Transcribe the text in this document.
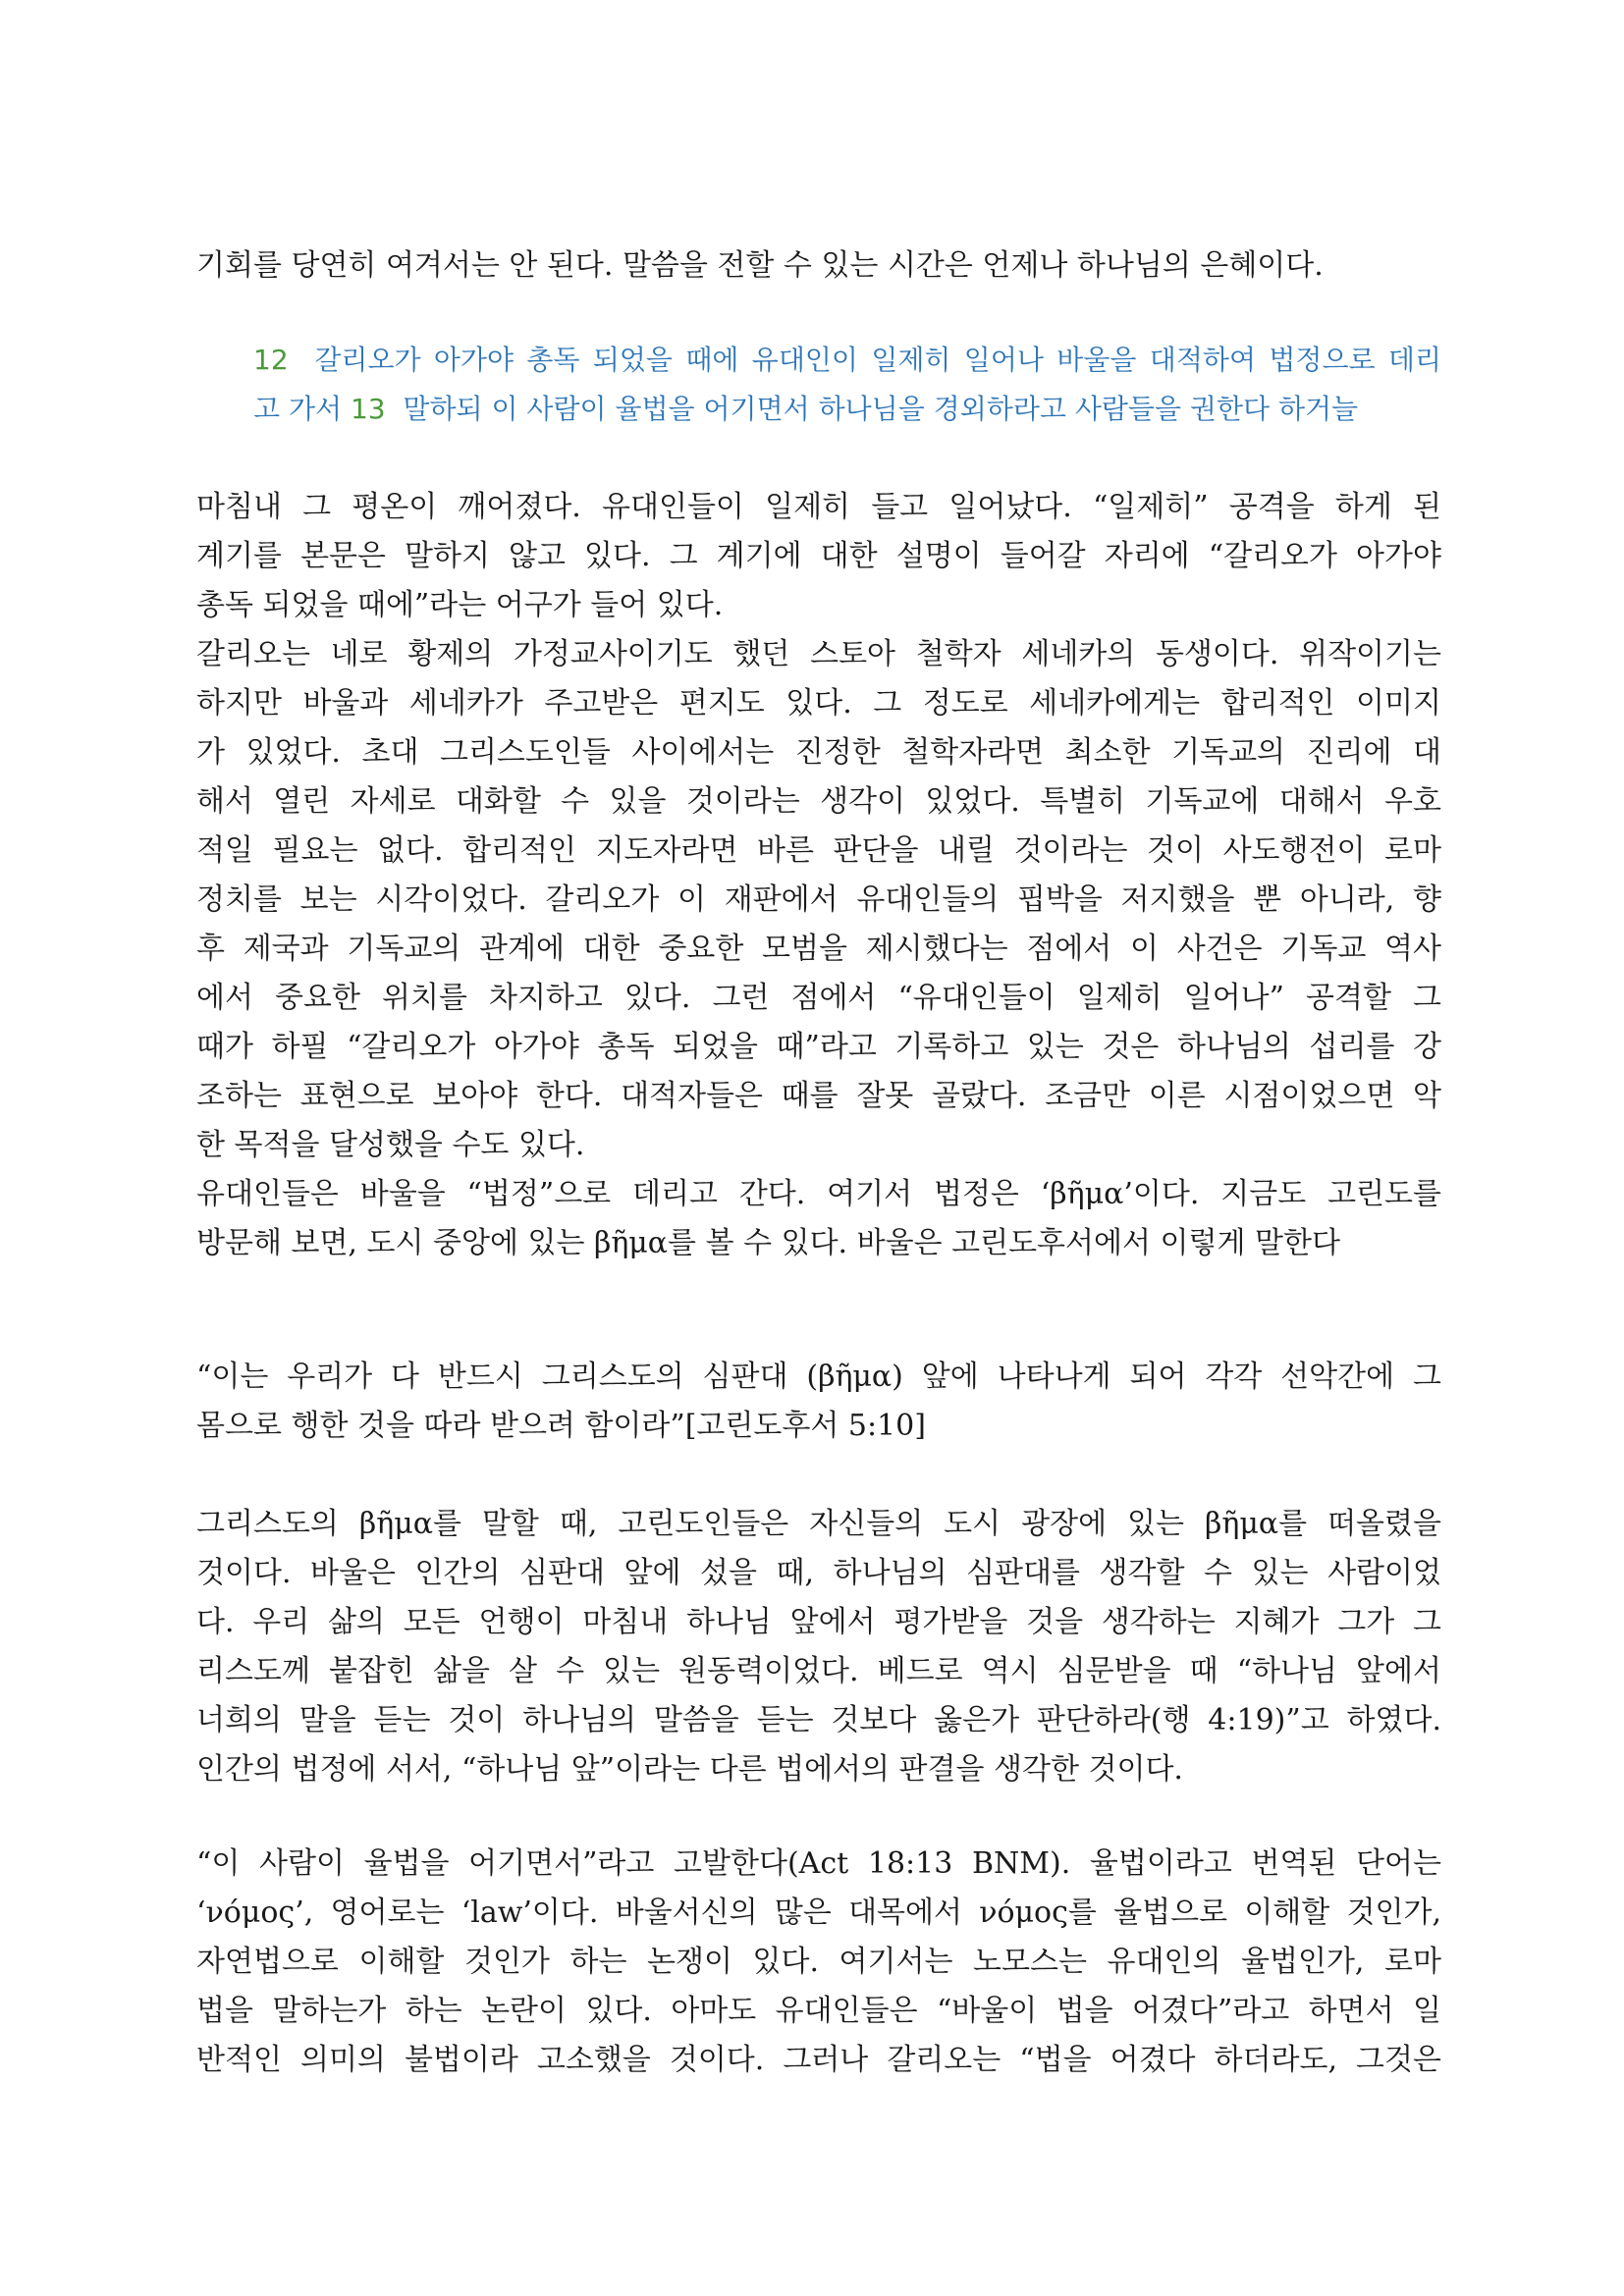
기회를 당연히 여겨서는 안 된다. 말씀을 전할 수 있는 시간은 언제나 하나님의 은혜이다.
12 갈리오가 아가야 총독 되었을 때에 유대인이 일제히 일어나 바울을 대적하여 법정으로 데리
고 가서 13 말하되 이 사람이 율법을 어기면서 하나님을 경외하라고 사람들을 권한다 하거늘
마침내 그 평온이 깨어졌다. 유대인들이 일제히 들고 일어났다. “일제히” 공격을 하게 된
계기를 본문은 말하지 않고 있다. 그 계기에 대한 설명이 들어갈 자리에 “갈리오가 아가야
총독 되었을 때에”라는 어구가 들어 있다.
갈리오는 네로 황제의 가정교사이기도 했던 스토아 철학자 세네카의 동생이다. 위작이기는
하지만 바울과 세네카가 주고받은 편지도 있다. 그 정도로 세네카에게는 합리적인 이미지
가 있었다. 초대 그리스도인들 사이에서는 진정한 철학자라면 최소한 기독교의 진리에 대
해서 열린 자세로 대화할 수 있을 것이라는 생각이 있었다. 특별히 기독교에 대해서 우호
적일 필요는 없다. 합리적인 지도자라면 바른 판단을 내릴 것이라는 것이 사도행전이 로마
정치를 보는 시각이었다. 갈리오가 이 재판에서 유대인들의 핍박을 저지했을 뿐 아니라, 향
후 제국과 기독교의 관계에 대한 중요한 모범을 제시했다는 점에서 이 사건은 기독교 역사
에서 중요한 위치를 차지하고 있다. 그런 점에서 “유대인들이 일제히 일어나” 공격할 그
때가 하필 “갈리오가 아가야 총독 되었을 때”라고 기록하고 있는 것은 하나님의 섭리를 강
조하는 표현으로 보아야 한다. 대적자들은 때를 잘못 골랐다. 조금만 이른 시점이었으면 악
한 목적을 달성했을 수도 있다.
유대인들은 바울을 “법정”으로 데리고 간다. 여기서 법정은 ‘βῆμα’이다. 지금도 고린도를
방문해 보면, 도시 중앙에 있는 βῆμα를 볼 수 있다. 바울은 고린도후서에서 이렇게 말한다
“이는 우리가 다 반드시 그리스도의 심판대 (βῆμα) 앞에 나타나게 되어 각각 선악간에 그
몸으로 행한 것을 따라 받으려 함이라”[고린도후서 5:10]
그리스도의 βῆμα를 말할 때, 고린도인들은 자신들의 도시 광장에 있는 βῆμα를 떠올렸을
것이다. 바울은 인간의 심판대 앞에 섰을 때, 하나님의 심판대를 생각할 수 있는 사람이었
다. 우리 삶의 모든 언행이 마침내 하나님 앞에서 평가받을 것을 생각하는 지혜가 그가 그
리스도께 붙잡힌 삶을 살 수 있는 원동력이었다. 베드로 역시 심문받을 때 “하나님 앞에서
너희의 말을 듣는 것이 하나님의 말씀을 듣는 것보다 옳은가 판단하라(행 4:19)”고 하였다.
인간의 법정에 서서, “하나님 앞”이라는 다른 법에서의 판결을 생각한 것이다.
“이 사람이 율법을 어기면서”라고 고발한다(Act 18:13 BNM). 율법이라고 번역된 단어는
‘νόμος’, 영어로는 ‘law’이다. 바울서신의 많은 대목에서 νόμος를 율법으로 이해할 것인가,
자연법으로 이해할 것인가 하는 논쟁이 있다. 여기서는 노모스는 유대인의 율법인가, 로마
법을 말하는가 하는 논란이 있다. 아마도 유대인들은 “바울이 법을 어겼다”라고 하면서 일
반적인 의미의 불법이라 고소했을 것이다. 그러나 갈리오는 “법을 어겼다 하더라도, 그것은
